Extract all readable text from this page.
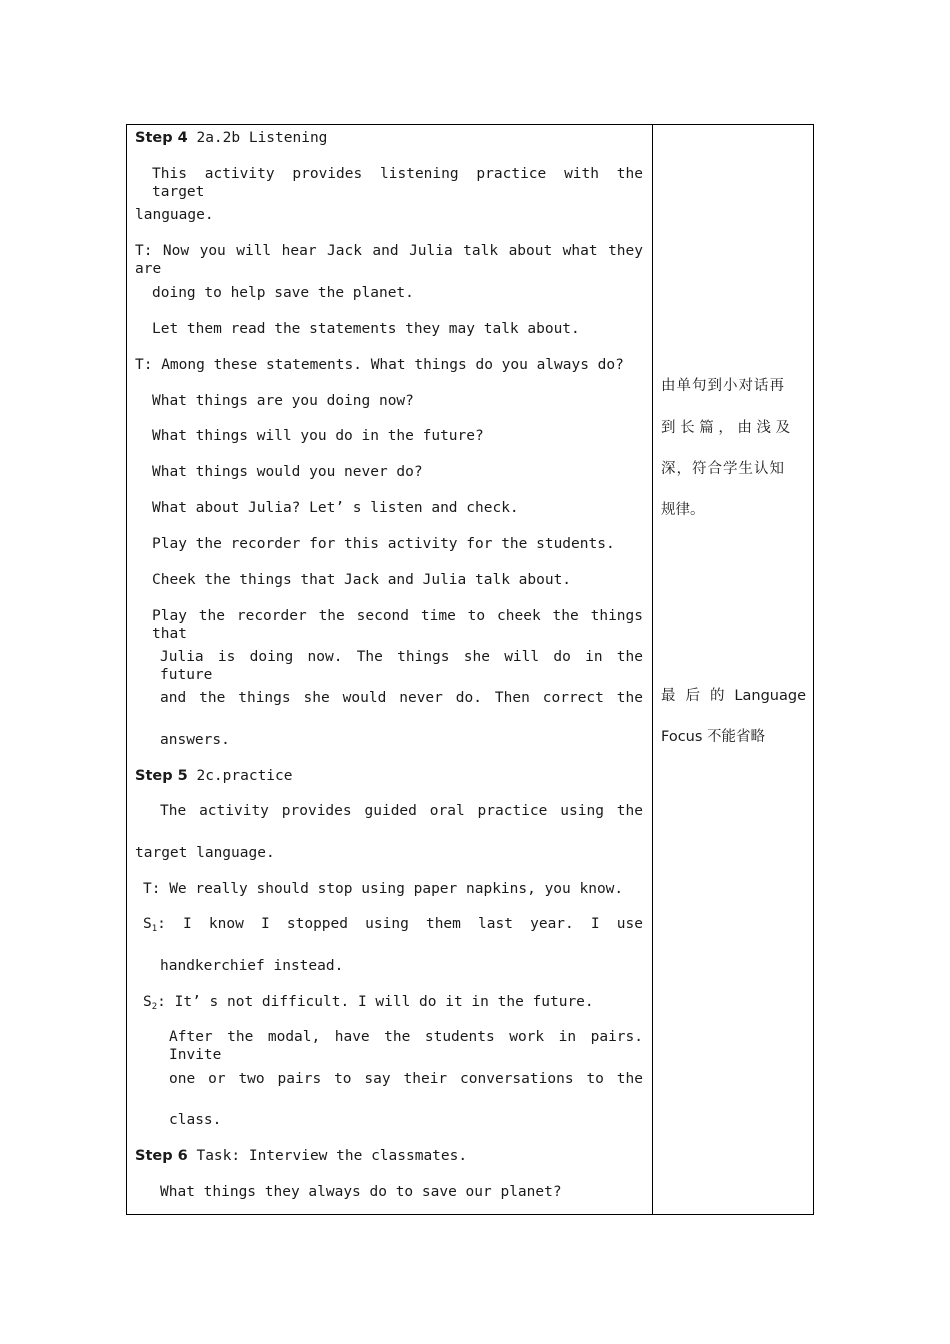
Step 4 2a.2b Listening
This activity provides listening practice with the target
language.
T: Now you will hear Jack and Julia talk about what they are
doing to help save the planet.
Let them read the statements they may talk about.
T: Among these statements. What things do you always do?
What things are you doing now?
What things will you do in the future?
What things would you never do?
What about Julia? Let’ s listen and check.
Play the recorder for this activity for the students.
Cheek the things that Jack and Julia talk about.
Play the recorder the second time to cheek the things that
Julia is doing now. The things she will do in the future
and the things she would never do. Then correct the
answers.
Step 5 2c.practice
The activity provides guided oral practice using the
target language.
T: We really should stop using paper napkins, you know.
$S_1$: I know I stopped using them last year. I use
handkerchief instead.
$S_2$: It’ s not difficult. I will do it in the future.
After the modal, have the students work in pairs. Invite
one or two pairs to say their conversations to the
class.
Step 6 Task: Interview the classmates.
What things they always do to save our planet?
由单句到小对话再
到 长 篇 ， 由 浅 及
深，符合学生认知
规律。
最 后 的 Language
Focus 不能省略
